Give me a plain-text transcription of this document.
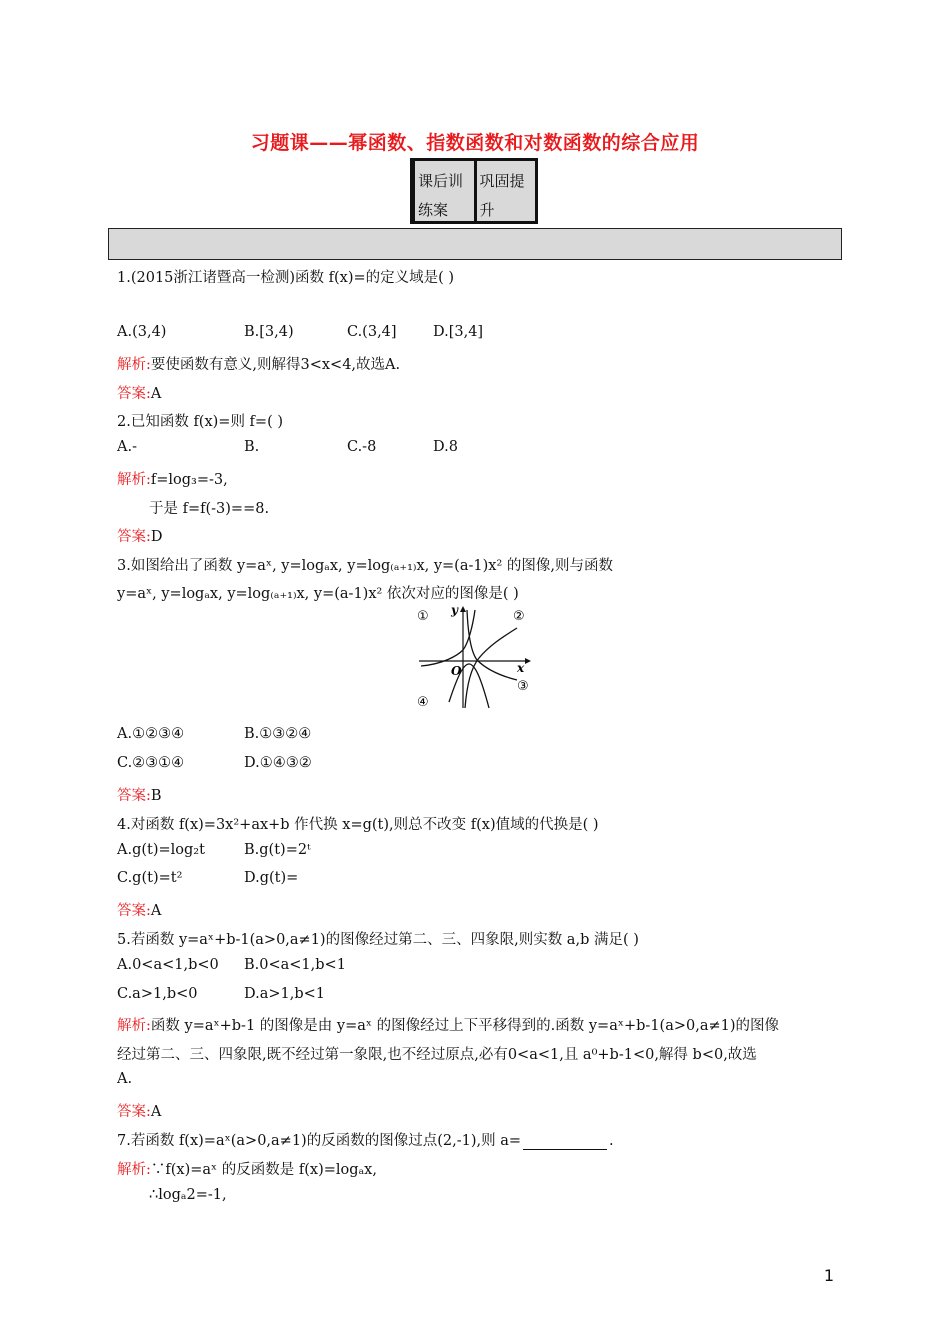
习题课——幂函数、指数函数和对数函数的综合应用
课后训练案
巩固提升
1.(2015浙江诸暨高一检测)函数 f(x)=的定义域是( )
A.(3,4)	B.[3,4)	C.(3,4]	D.[3,4]
解析:要使函数有意义,则解得3<x<4,故选A.
答案:A
2.已知函数 f(x)=则 f=( )
A.-	B.	C.-8	D.8
解析:f=log₃=-3,
于是 f=f(-3)==8.
答案:D
3.如图给出了函数 y=aˣ, y=logₐx, y=log₍ₐ₊₁₎x, y=(a-1)x² 的图像,则与函数
y=aˣ, y=logₐx, y=log₍ₐ₊₁₎x, y=(a-1)x² 依次对应的图像是( )
①	②
③
④
y
x
O
A.①②③④	B.①③②④
C.②③①④	D.①④③②
答案:B
4.对函数 f(x)=3x²+ax+b 作代换 x=g(t),则总不改变 f(x)值域的代换是( )
A.g(t)=log₂t	B.g(t)=2ᵗ
C.g(t)=t²	D.g(t)=
答案:A
5.若函数 y=aˣ+b-1(a>0,a≠1)的图像经过第二、三、四象限,则实数 a,b 满足( )
A.0<a<1,b<0 B.0<a<1,b<1
C.a>1,b<0	D.a>1,b<1
解析:函数 y=aˣ+b-1 的图像是由 y=aˣ 的图像经过上下平移得到的.函数 y=aˣ+b-1(a>0,a≠1)的图像
经过第二、三、四象限,既不经过第一象限,也不经过原点,必有0<a<1,且 a⁰+b-1<0,解得 b<0,故选
A.
答案:A
7.若函数 f(x)=aˣ(a>0,a≠1)的反函数的图像过点(2,-1),则 a=	.
解析:∵f(x)=aˣ 的反函数是 f(x)=logₐx,
∴logₐ2=-1,
1
